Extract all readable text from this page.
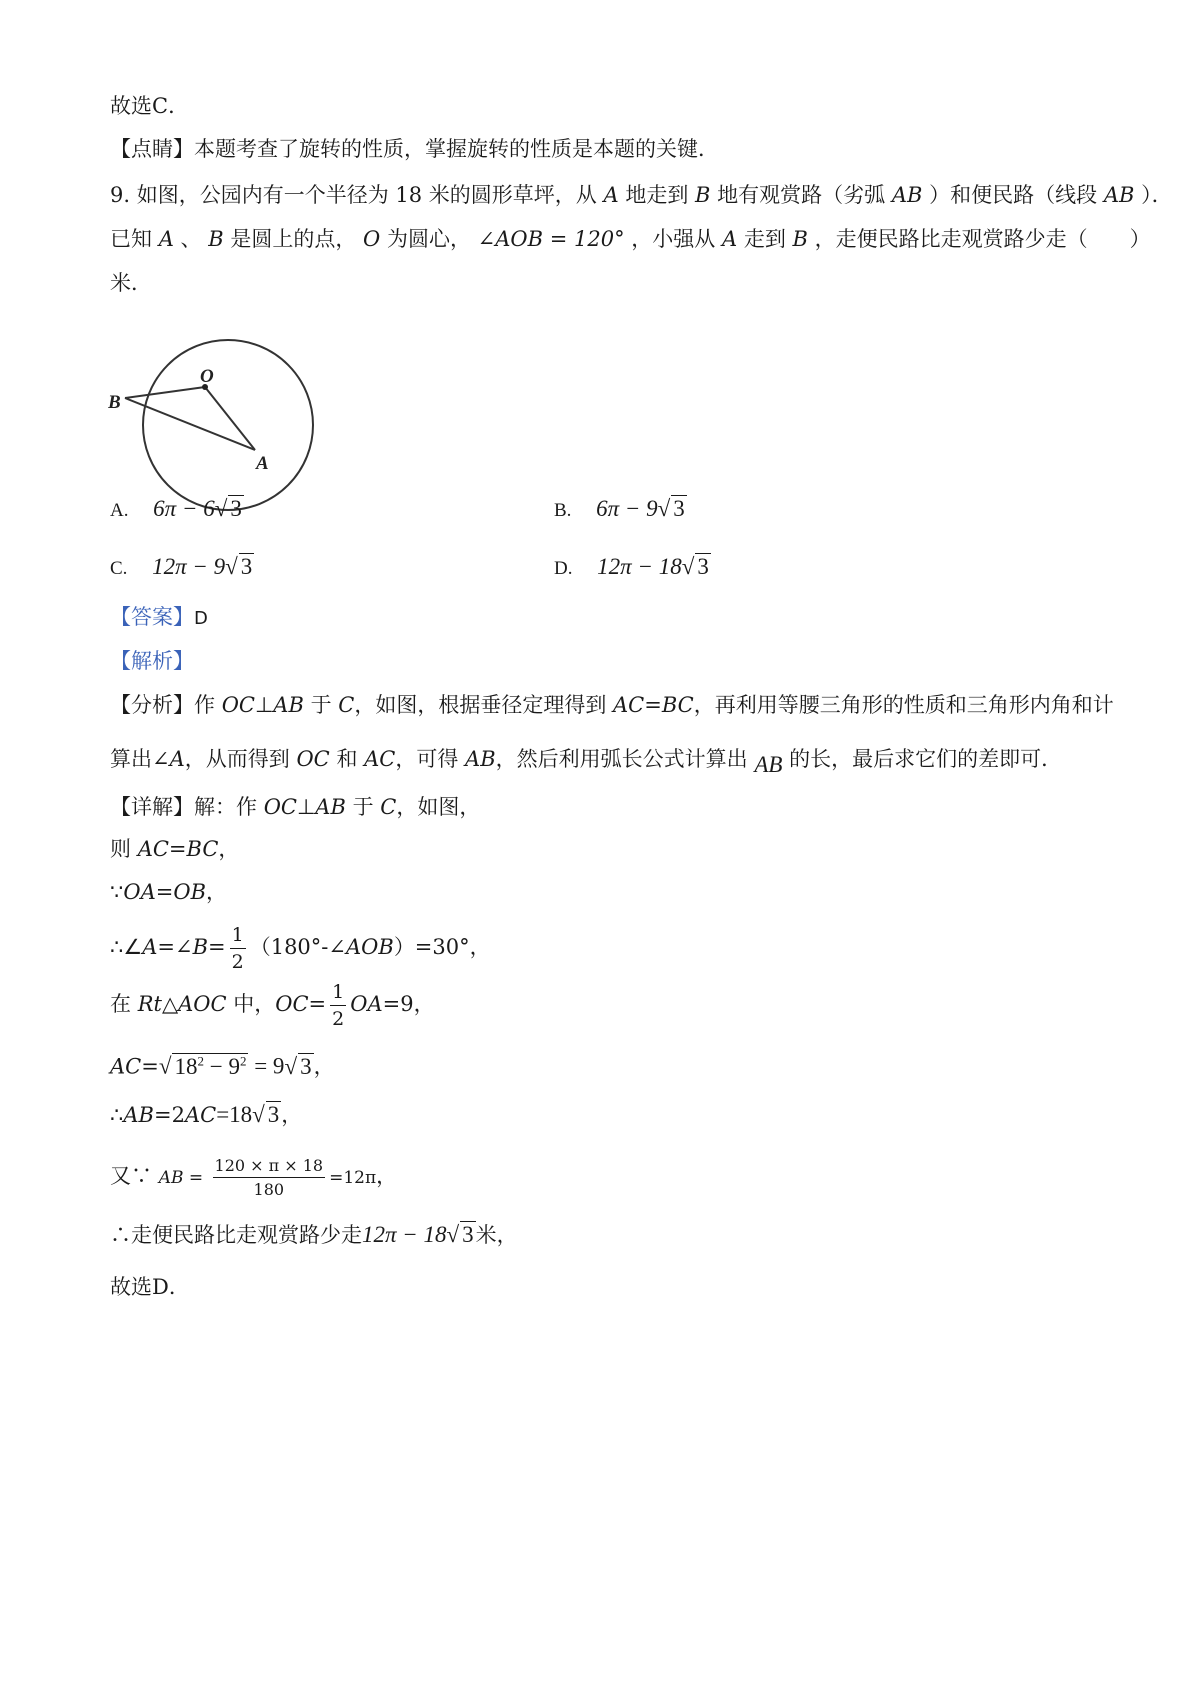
故选C．
【点睛】本题考查了旋转的性质，掌握旋转的性质是本题的关键．
9. 如图，公园内有一个半径为 18 米的圆形草坪，从 A 地走到 B 地有观赏路（劣弧 AB ）和便民路（线段 AB ）．
已知 A 、 B 是圆上的点， O 为圆心， ∠AOB = 120° ，小强从 A 走到 B ，走便民路比走观赏路少走（　　）
米．
O
B
A
A. 6π − 6√ 3	B. 6π − 9√ 3
C. 12π − 9√ 3	D. 12π − 18√ 3
【答案】D
【解析】
【分析】作 OC⊥AB 于 C，如图，根据垂径定理得到 AC=BC，再利用等腰三角形的性质和三角形内角和计
算出∠A，从而得到 OC 和 AC，可得 AB，然后利用弧长公式计算出 AB 的长，最后求它们的差即可．
【详解】解：作 OC⊥AB 于 C，如图，
则 AC=BC，
∵OA=OB，
∴∠A=∠B= $\frac{1}{2}$ （180°-∠AOB）=30°，
在 Rt△AOC 中，$OC= \frac{1}{2} OA=9$，
AC=√ $18^2 - 9^2 = 9√$ 3，
∴AB=2AC=18√ 3，
又∵ AB = $\frac{120 \times \pi \times 18}{180} =12\pi$，
∴走便民路比走观赏路少走12π − 18√ 3米，
故选D．
